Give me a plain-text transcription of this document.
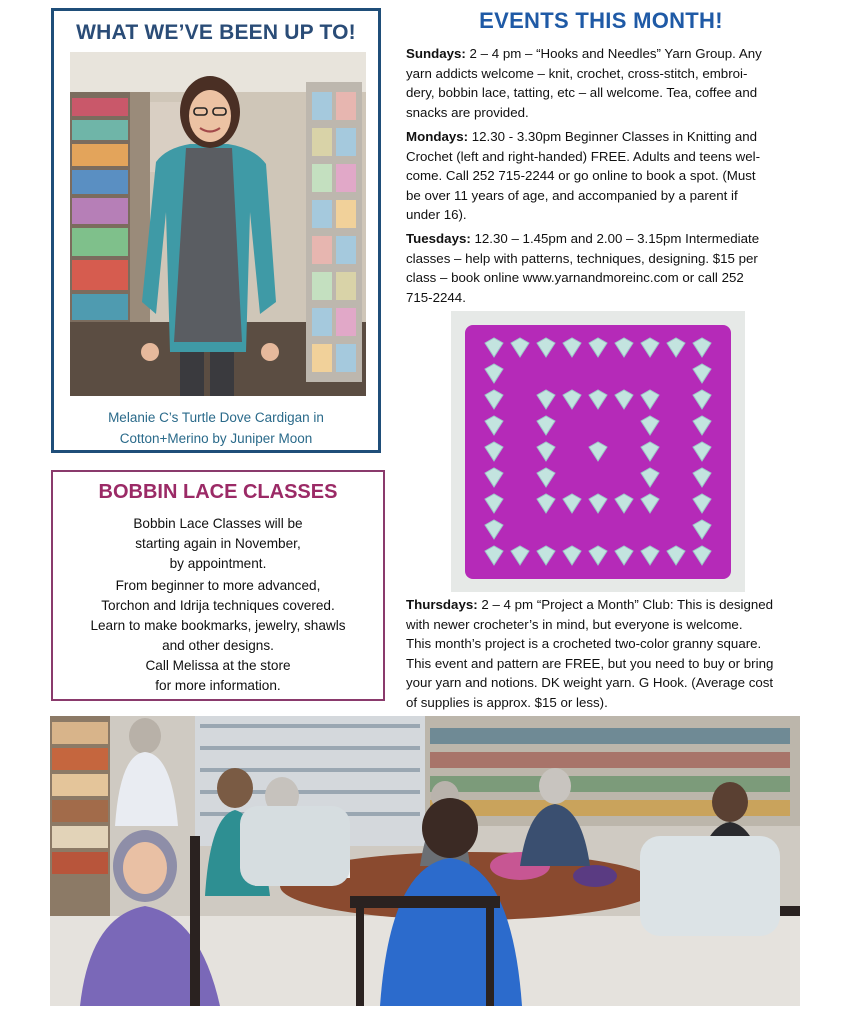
WHAT WE’VE BEEN UP TO!
Melanie C’s Turtle Dove Cardigan in
Cotton+Merino by Juniper Moon
BOBBIN LACE CLASSES
Bobbin Lace Classes will be
starting again in November,
by appointment.
From beginner to more advanced,
Torchon and Idrija techniques covered.
Learn to make bookmarks, jewelry, shawls
and other designs.
Call Melissa at the store
for more information.
EVENTS THIS MONTH!
Sundays: 2 – 4 pm – “Hooks and Needles” Yarn Group. Any
yarn addicts welcome – knit, crochet, cross-stitch, embroi-
dery, bobbin lace, tatting, etc – all welcome. Tea, coffee and
snacks are provided.
Mondays: 12.30 - 3.30pm Beginner Classes in Knitting and
Crochet (left and right-handed) FREE. Adults and teens wel-
come. Call 252 715-2244 or go online to book a spot. (Must
be over 11 years of age, and accompanied by a parent if
under 16).
Tuesdays: 12.30 – 1.45pm and 2.00 – 3.15pm Intermediate
classes – help with patterns, techniques, designing. $15 per
class – book online www.yarnandmoreinc.com or call 252
715-2244.
Thursdays: 2 – 4 pm “Project a Month” Club: This is designed
with newer crocheter’s in mind, but everyone is welcome.
This month’s project is a crocheted two-color granny square.
This event and pattern are FREE, but you need to buy or bring
your yarn and notions. DK weight yarn. G Hook. (Average cost
of supplies is approx. $15 or less).
